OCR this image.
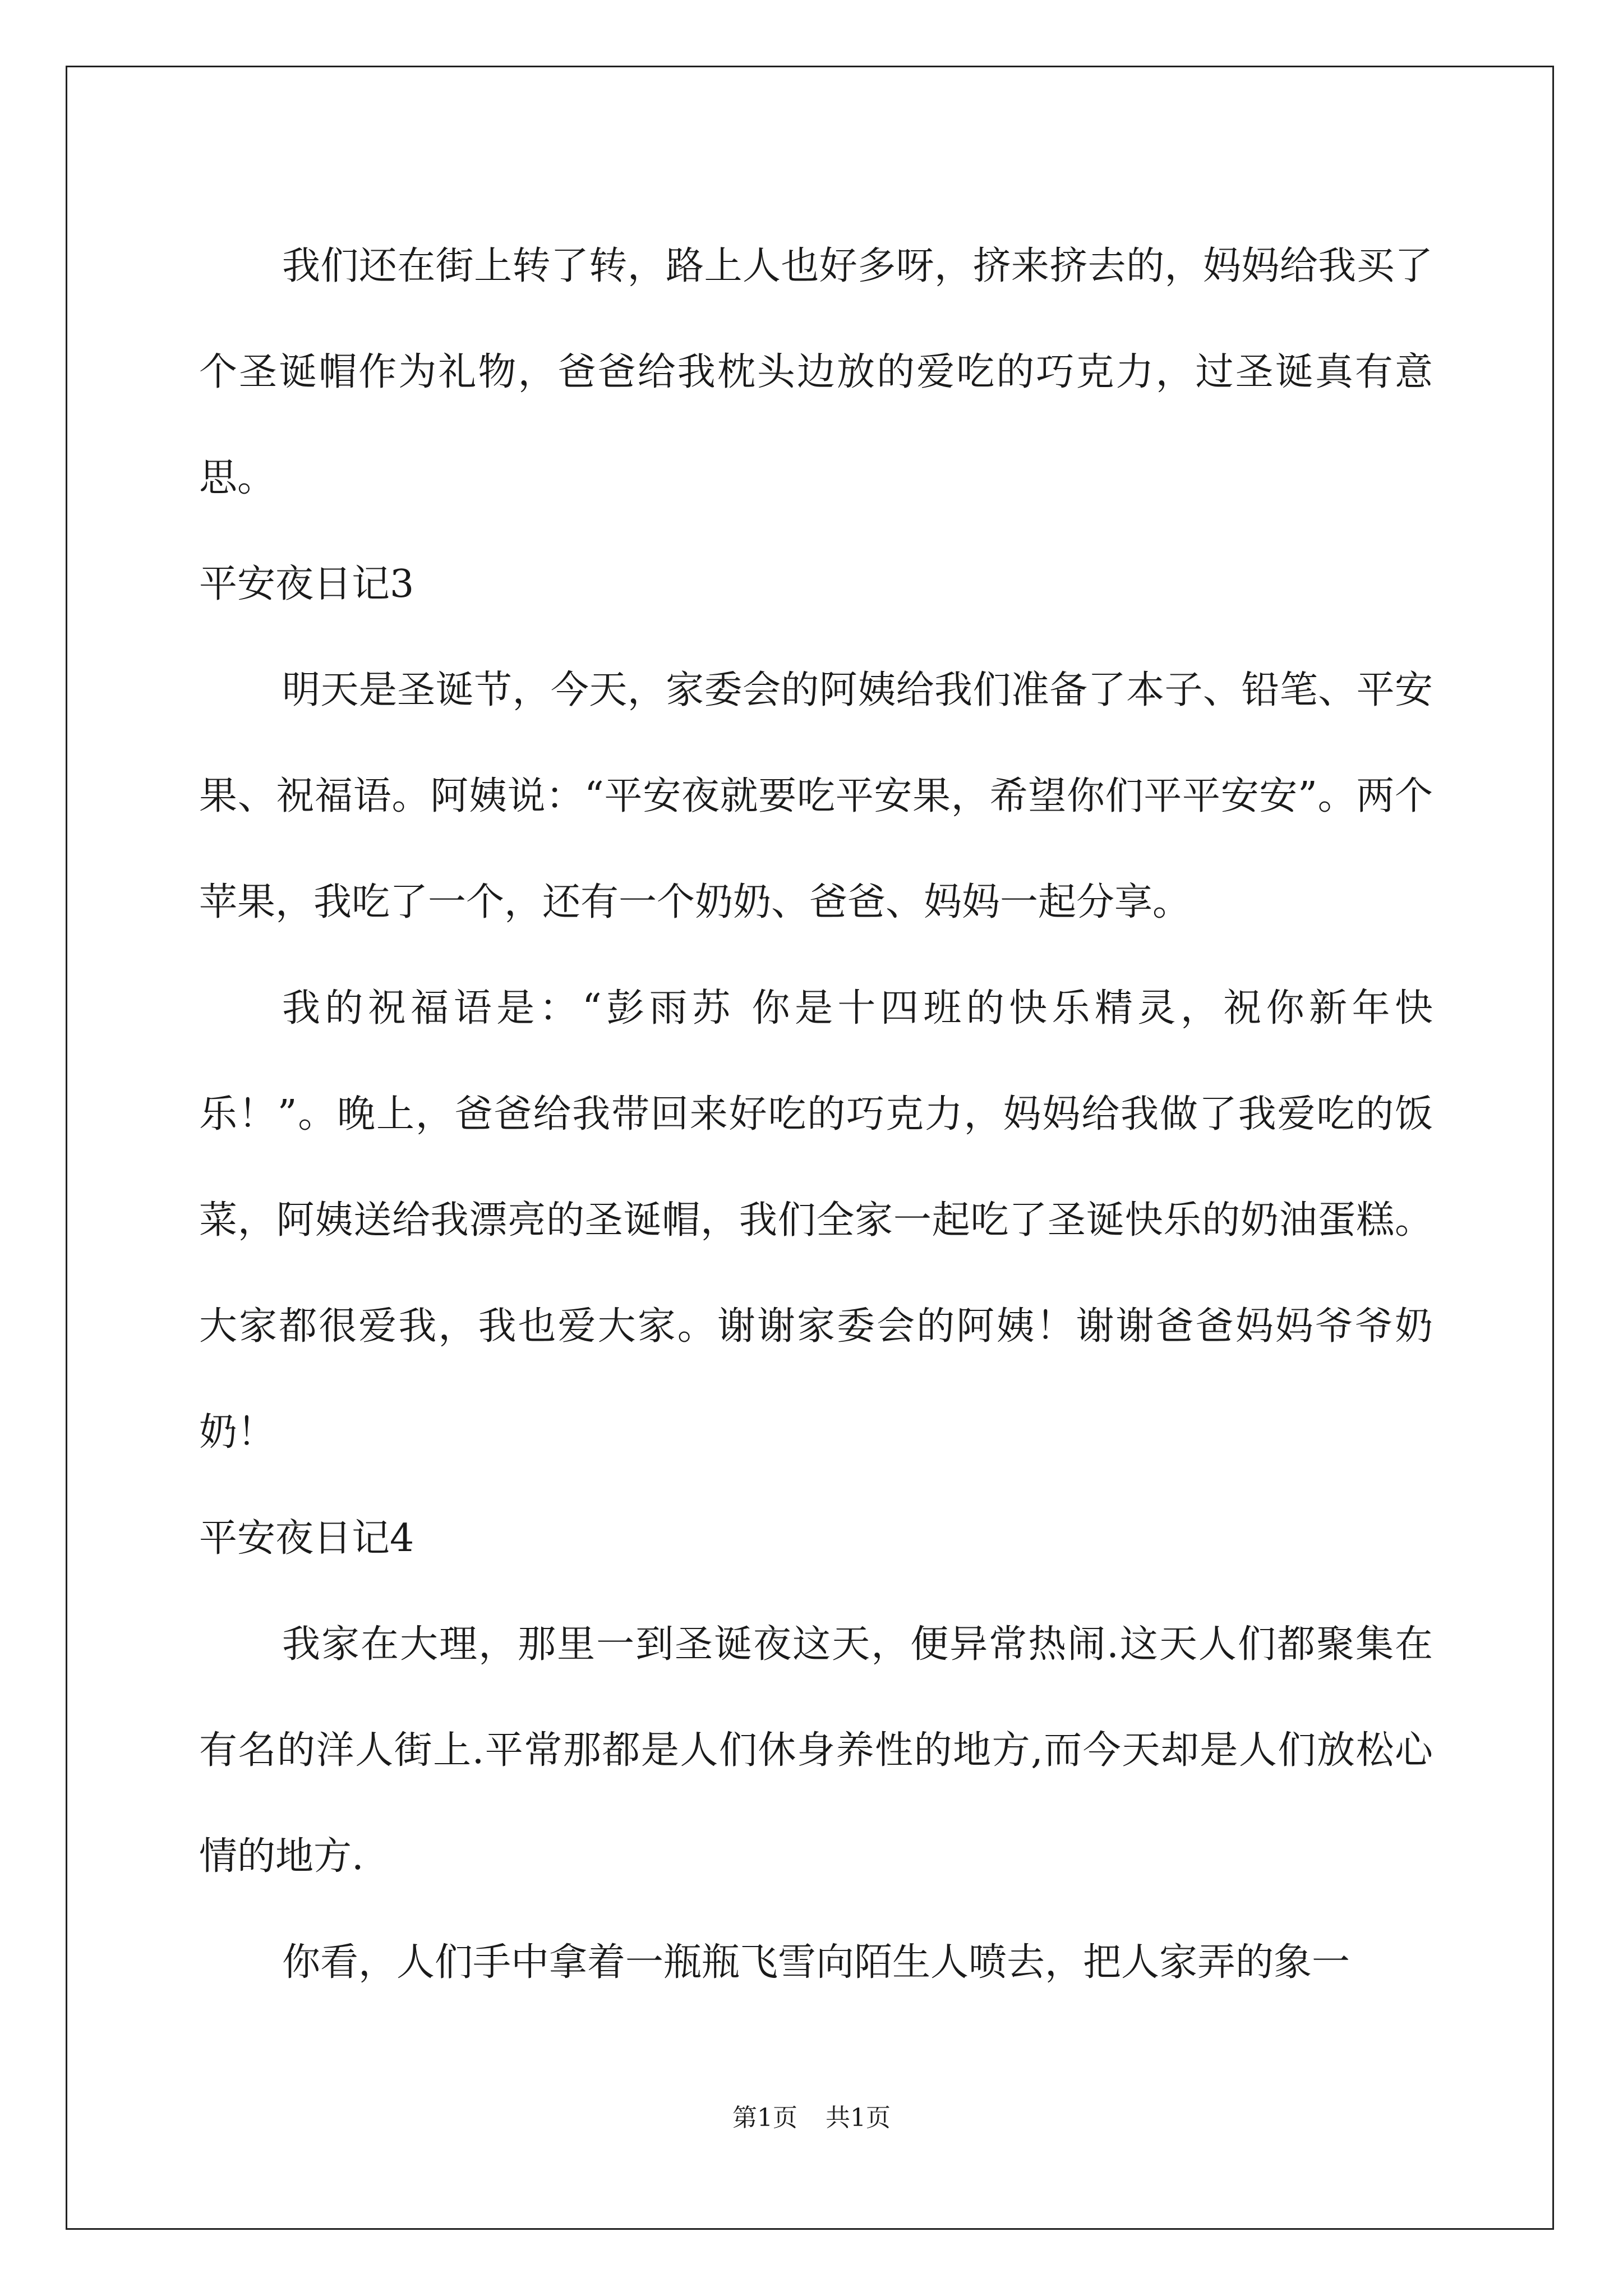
我们还在街上转了转，路上人也好多呀，挤来挤去的，妈妈给我买了个圣诞帽作为礼物，爸爸给我枕头边放的爱吃的巧克力，过圣诞真有意思。

平安夜日记3

明天是圣诞节，今天，家委会的阿姨给我们准备了本子、铅笔、平安果、祝福语。阿姨说：“平安夜就要吃平安果，希望你们平平安安”。两个苹果，我吃了一个，还有一个奶奶、爸爸、妈妈一起分享。

我的祝福语是：“彭雨苏 你是十四班的快乐精灵，祝你新年快乐！”。晚上，爸爸给我带回来好吃的巧克力，妈妈给我做了我爱吃的饭菜，阿姨送给我漂亮的圣诞帽，我们全家一起吃了圣诞快乐的奶油蛋糕。大家都很爱我，我也爱大家。谢谢家委会的阿姨！谢谢爸爸妈妈爷爷奶奶！

平安夜日记4

我家在大理，那里一到圣诞夜这天，便异常热闹.这天人们都聚集在有名的洋人街上.平常那都是人们休身养性的地方,而今天却是人们放松心情的地方.

你看，人们手中拿着一瓶瓶飞雪向陌生人喷去，把人家弄的象一

第1页 共1页
